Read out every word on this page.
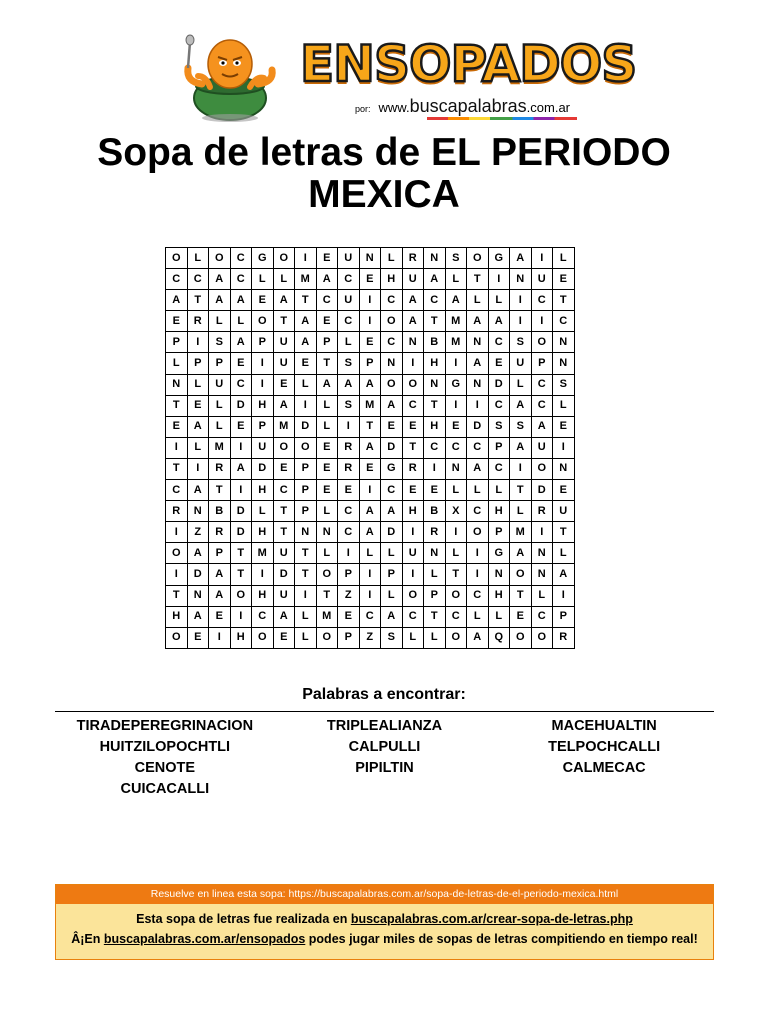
ENSOPADOS
por: www.buscapalabras.com.ar
Sopa de letras de EL PERIODO
MEXICA
O	L	O	C	G	O	I	E	U	N	L	R	N	S	O	G	A	I	L
C	C	A	C	L	L	M	A	C	E	H	U	A	L	T	I	N	U	E
A	T	A	A	E	A	T	C	U	I	C	A	C	A	L	L	I	C	T
E	R	L	L	O	T	A	E	C	I	O	A	T	M	A	A	I	I	C
P	I	S	A	P	U	A	P	L	E	C	N	B	M	N	C	S	O	N
L	P	P	E	I	U	E	T	S	P	N	I	H	I	A	E	U	P	N
N	L	U	C	I	E	L	A	A	A	O	O	N	G	N	D	L	C	S
T	E	L	D	H	A	I	L	S	M	A	C	T	I	I	C	A	C	L
E	A	L	E	P	M	D	L	I	T	E	E	H	E	D	S	S	A	E
I	L	M	I	U	O	O	E	R	A	D	T	C	C	C	P	A	U	I
T	I	R	A	D	E	P	E	R	E	G	R	I	N	A	C	I	O	N
C	A	T	I	H	C	P	E	E	I	C	E	E	L	L	L	T	D	E
R	N	B	D	L	T	P	L	C	A	A	H	B	X	C	H	L	R	U
I	Z	R	D	H	T	N	N	C	A	D	I	R	I	O	P	M	I	T
O	A	P	T	M	U	T	L	I	L	L	U	N	L	I	G	A	N	L
I	D	A	T	I	D	T	O	P	I	P	I	L	T	I	N	O	N	A
T	N	A	O	H	U	I	T	Z	I	L	O	P	O	C	H	T	L	I
H	A	E	I	C	A	L	M	E	C	A	C	T	C	L	L	E	C	P
O	E	I	H	O	E	L	O	P	Z	S	L	L	O	A	Q	O	O	R
Palabras a encontrar:
TIRADEPEREGRINACION	TRIPLEALIANZA	MACEHUALTIN
HUITZILOPOCHTLI	CALPULLI	TELPOCHCALLI
CENOTE	PIPILTIN	CALMECAC
CUICACALLI
Resuelve en linea esta sopa: https://buscapalabras.com.ar/sopa-de-letras-de-el-periodo-mexica.html
Esta sopa de letras fue realizada en buscapalabras.com.ar/crear-sopa-de-letras.php
Â¡En buscapalabras.com.ar/ensopados podes jugar miles de sopas de letras compitiendo en tiempo real!
